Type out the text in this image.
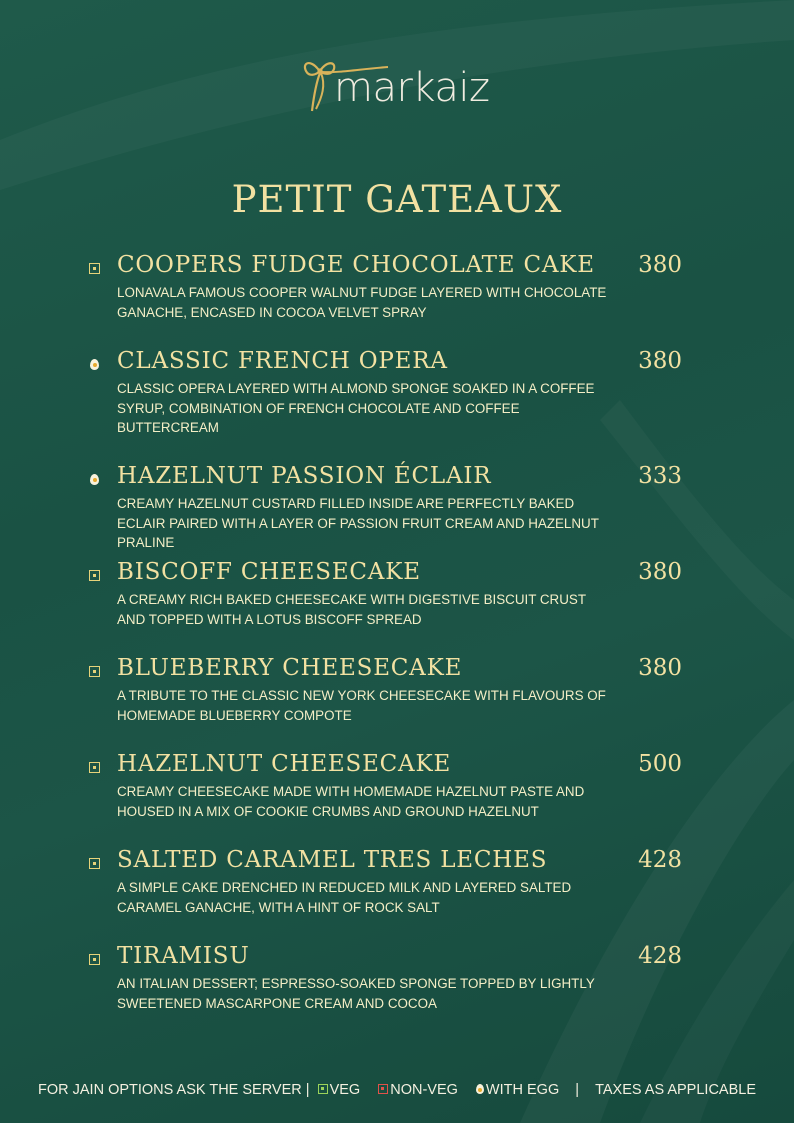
markaiz
PETIT GATEAUX
COOPERS FUDGE CHOCOLATE CAKE 380
LONAVALA FAMOUS COOPER WALNUT FUDGE LAYERED WITH CHOCOLATE GANACHE, ENCASED IN COCOA VELVET SPRAY
CLASSIC FRENCH OPERA	380
CLASSIC OPERA LAYERED WITH ALMOND SPONGE SOAKED IN A COFFEE SYRUP, COMBINATION OF FRENCH CHOCOLATE AND COFFEE BUTTERCREAM
HAZELNUT PASSION ÉCLAIR	333
CREAMY HAZELNUT CUSTARD FILLED INSIDE ARE PERFECTLY BAKED ECLAIR PAIRED WITH A LAYER OF PASSION FRUIT CREAM AND HAZELNUT PRALINE
BISCOFF CHEESECAKE	380
A CREAMY RICH BAKED CHEESECAKE WITH DIGESTIVE BISCUIT CRUST AND TOPPED WITH A LOTUS BISCOFF SPREAD
BLUEBERRY CHEESECAKE	380
A TRIBUTE TO THE CLASSIC NEW YORK CHEESECAKE WITH FLAVOURS OF HOMEMADE BLUEBERRY COMPOTE
HAZELNUT CHEESECAKE	500
CREAMY CHEESECAKE MADE WITH HOMEMADE HAZELNUT PASTE AND HOUSED IN A MIX OF COOKIE CRUMBS AND GROUND HAZELNUT
SALTED CARAMEL TRES LECHES	428
A SIMPLE CAKE DRENCHED IN REDUCED MILK AND LAYERED SALTED CARAMEL GANACHE, WITH A HINT OF ROCK SALT
TIRAMISU	428
AN ITALIAN DESSERT; ESPRESSO-SOAKED SPONGE TOPPED BY LIGHTLY SWEETENED MASCARPONE CREAM AND COCOA
FOR JAIN OPTIONS ASK THE SERVER | VEG NON-VEG WITH EGG | TAXES AS APPLICABLE
